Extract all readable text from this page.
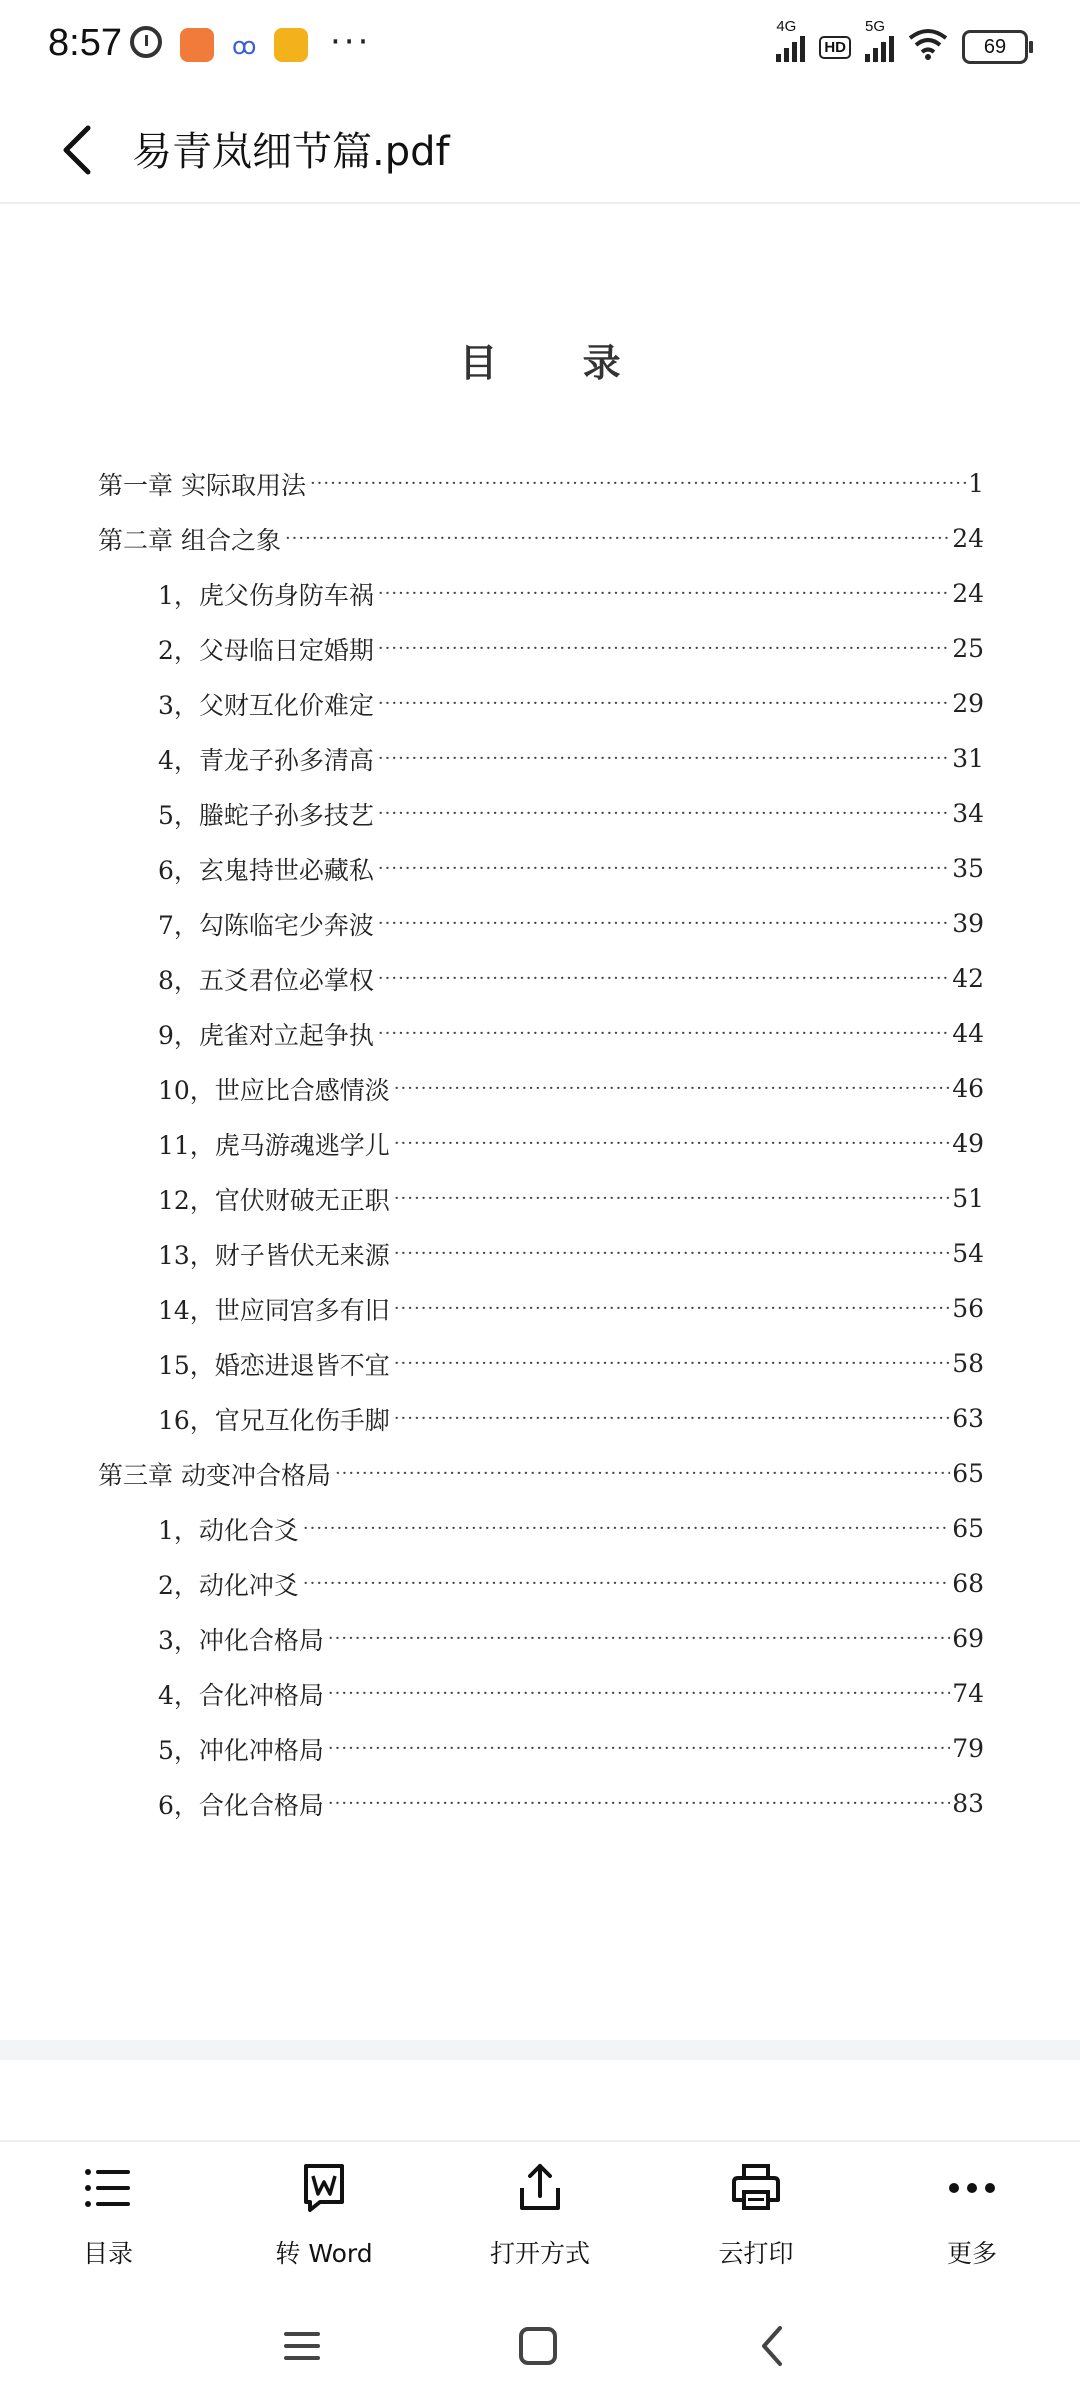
8:57	ꝏ ···	4G
HD
5G
69
易青岚细节篇.pdf
目 录
第一章 实际取用法 ·····	1
第二章 组合之象 ·····	24
1，虎父伤身防车祸 ·····	24
2，父母临日定婚期 ·····	25
3，父财互化价难定 ·····	29
4，青龙子孙多清高 ·····	31
5，螣蛇子孙多技艺 ·····	34
6，玄鬼持世必藏私 ·····	35
7，勾陈临宅少奔波 ·····	39
8，五爻君位必掌权 ·····	42
9，虎雀对立起争执 ·····	44
10，世应比合感情淡 ·····	46
11，虎马游魂逃学儿 ·····	49
12，官伏财破无正职 ·····	51
13，财子皆伏无来源 ·····	54
14，世应同宫多有旧 ·····	56
15，婚恋进退皆不宜 ·····	58
16，官兄互化伤手脚 ·····	63
第三章 动变冲合格局 ·····	65
1，动化合爻 ·····	65
2，动化冲爻 ·····	68
3，冲化合格局 ·····	69
4，合化冲格局 ·····	74
5，冲化冲格局 ·····	79
6，合化合格局 ·····	83
目录	转 Word	打开方式	云打印	更多
